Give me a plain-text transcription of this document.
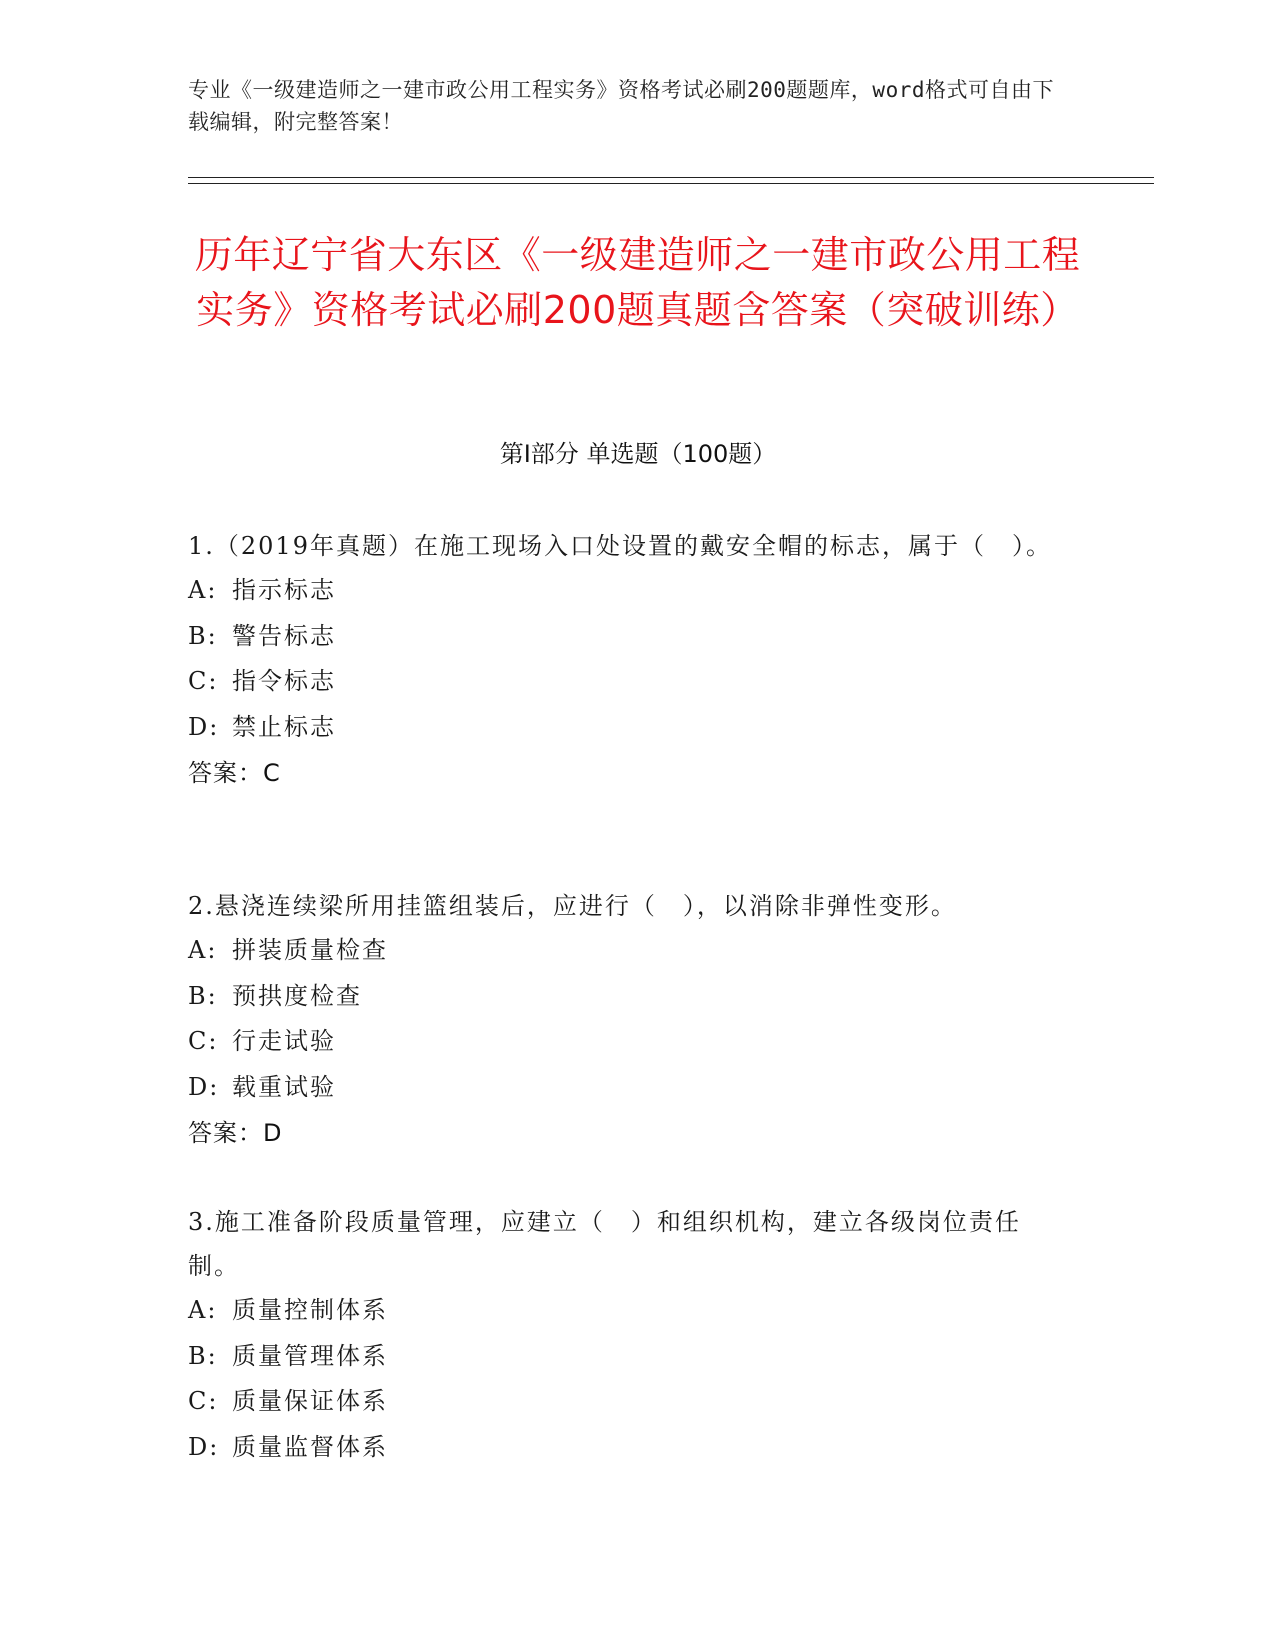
专业《一级建造师之一建市政公用工程实务》资格考试必刷200题题库，word格式可自由下载编辑，附完整答案！
历年辽宁省大东区《一级建造师之一建市政公用工程实务》资格考试必刷200题真题含答案（突破训练）
第Ⅰ部分 单选题（100题）
1.（2019年真题）在施工现场入口处设置的戴安全帽的标志，属于（　）。
A: 指示标志
B: 警告标志
C: 指令标志
D: 禁止标志
答案：C
2.悬浇连续梁所用挂篮组装后，应进行（　），以消除非弹性变形。
A: 拼装质量检查
B: 预拱度检查
C: 行走试验
D: 载重试验
答案：D
3.施工准备阶段质量管理，应建立（　）和组织机构，建立各级岗位责任制。
A: 质量控制体系
B: 质量管理体系
C: 质量保证体系
D: 质量监督体系
